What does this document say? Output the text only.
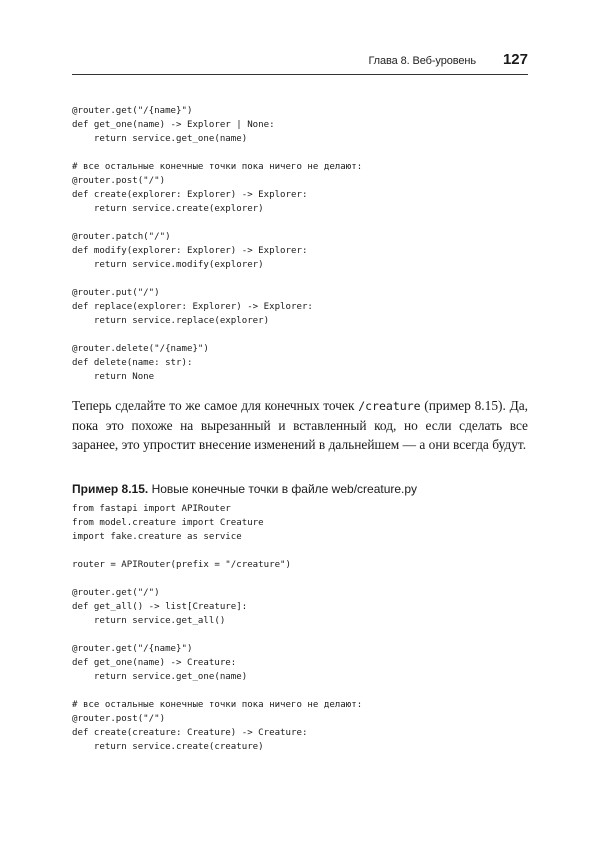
Глава 8. Веб-уровень 127
@router.get("/{name}")
def get_one(name) -> Explorer | None:
return service.get_one(name)

# все остальные конечные точки пока ничего не делают:
@router.post("/")
def create(explorer: Explorer) -> Explorer:
return service.create(explorer)

@router.patch("/")
def modify(explorer: Explorer) -> Explorer:
return service.modify(explorer)

@router.put("/")
def replace(explorer: Explorer) -> Explorer:
return service.replace(explorer)

@router.delete("/{name}")
def delete(name: str):
return None

Теперь сделайте то же самое для конечных точек /creature (пример 8.15). Да, пока это похоже на вырезанный и вставленный код, но если сделать все заранее, это упростит внесение изменений в дальнейшем — а они всегда будут.

Пример 8.15. Новые конечные точки в файле web/creature.py
from fastapi import APIRouter
from model.creature import Creature
import fake.creature as service

router = APIRouter(prefix = "/creature")

@router.get("/")
def get_all() -> list[Creature]:
return service.get_all()

@router.get("/{name}")
def get_one(name) -> Creature:
return service.get_one(name)

# все остальные конечные точки пока ничего не делают:
@router.post("/")
def create(creature: Creature) -> Creature:
return service.create(creature)
